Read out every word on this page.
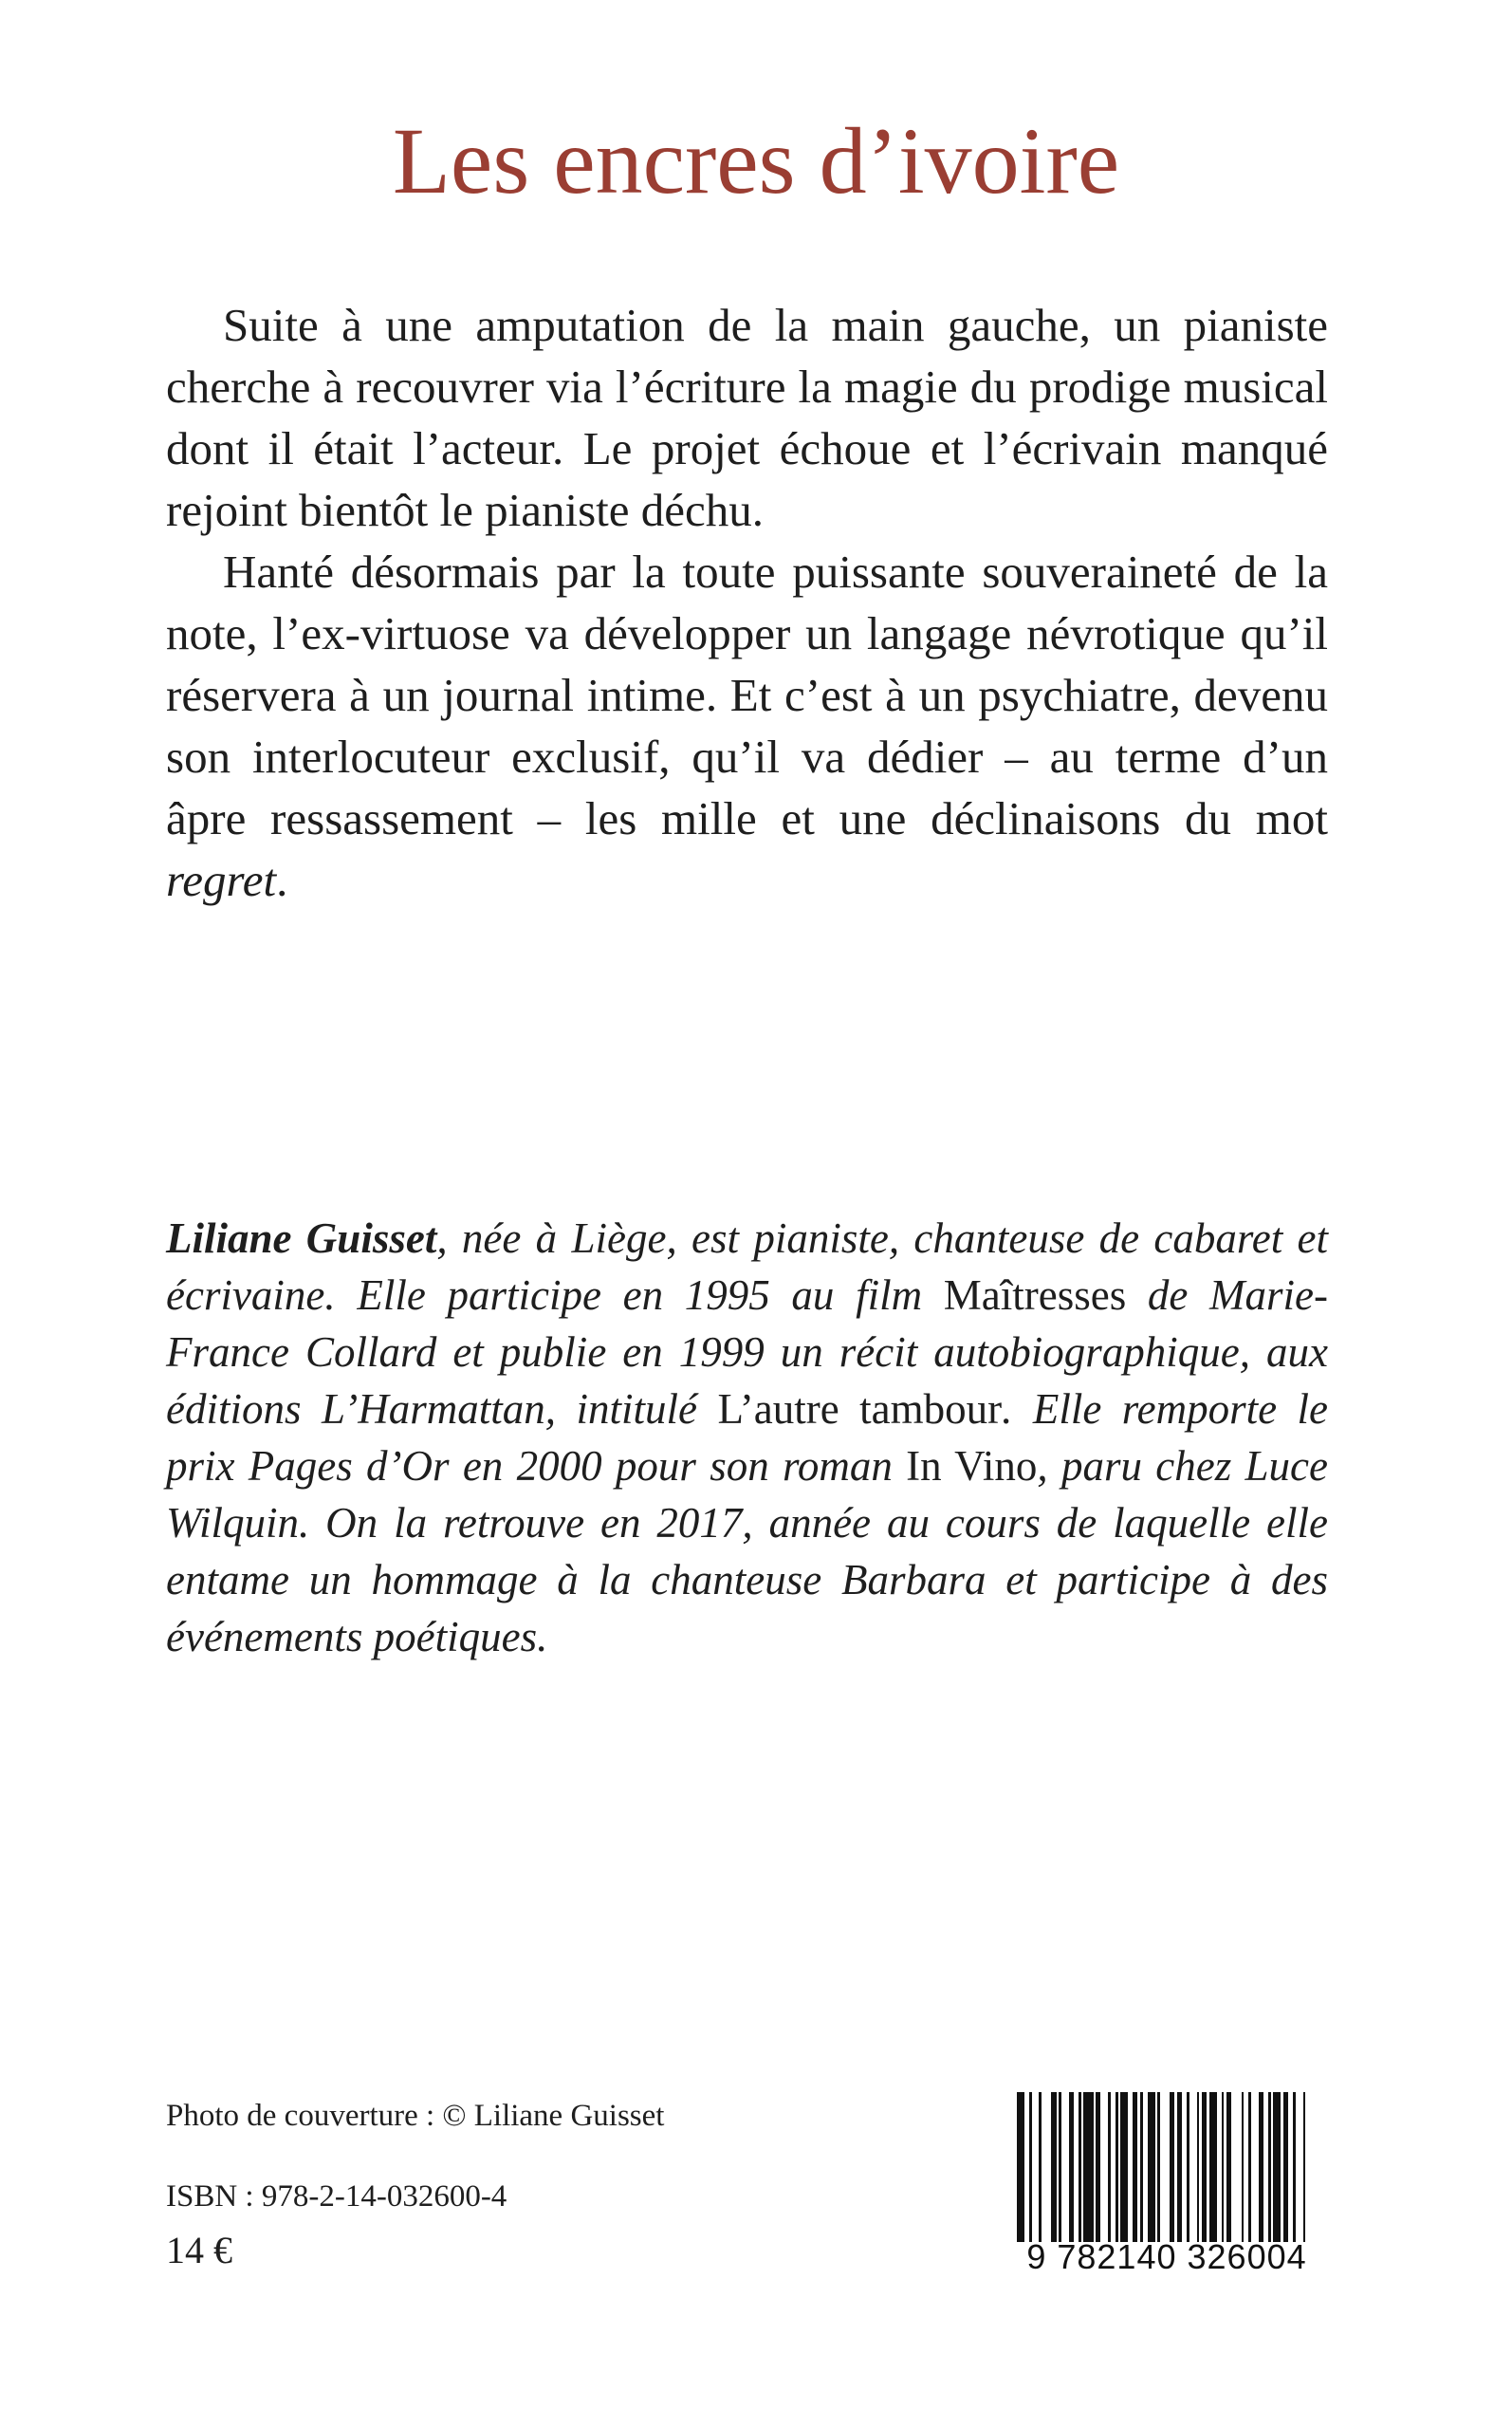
Les encres d’ivoire

Suite à une amputation de la main gauche, un pianiste cherche à recouvrer via l’écriture la magie du prodige musical dont il était l’acteur. Le projet échoue et l’écrivain manqué rejoint bientôt le pianiste déchu.

Hanté désormais par la toute puissante souveraineté de la note, l’ex-virtuose va développer un langage névrotique qu’il réservera à un journal intime. Et c’est à un psychiatre, devenu son interlocuteur exclusif, qu’il va dédier – au terme d’un âpre ressassement – les mille et une déclinaisons du mot regret.

Liliane Guisset, née à Liège, est pianiste, chanteuse de cabaret et écrivaine. Elle participe en 1995 au film Maîtresses de Marie-France Collard et publie en 1999 un récit autobiographique, aux éditions L’Harmattan, intitulé L’autre tambour. Elle remporte le prix Pages d’Or en 2000 pour son roman In Vino, paru chez Luce Wilquin. On la retrouve en 2017, année au cours de laquelle elle entame un hommage à la chanteuse Barbara et participe à des événements poétiques.

Photo de couverture : © Liliane Guisset

ISBN : 978-2-14-032600-4

14 €	9 782140 326004
